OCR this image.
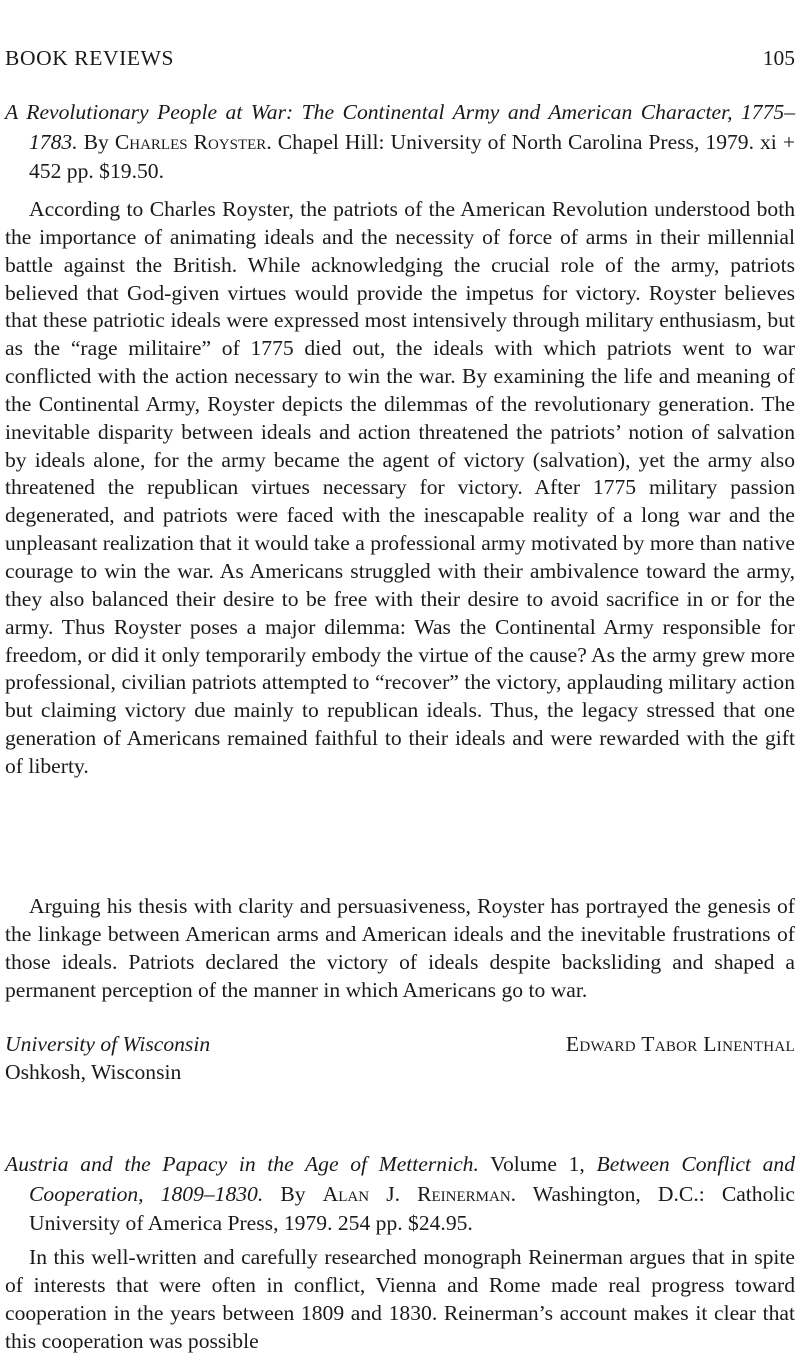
BOOK REVIEWS	105
A Revolutionary People at War: The Continental Army and American Character, 1775–1783. By Charles Royster. Chapel Hill: University of North Carolina Press, 1979. xi + 452 pp. $19.50.
According to Charles Royster, the patriots of the American Revolution understood both the importance of animating ideals and the necessity of force of arms in their millennial battle against the British. While acknowledging the crucial role of the army, patriots believed that God-given virtues would provide the impetus for victory. Royster believes that these patriotic ideals were expressed most intensively through military enthusiasm, but as the “rage militaire” of 1775 died out, the ideals with which patriots went to war conflicted with the action necessary to win the war. By examining the life and meaning of the Continental Army, Royster depicts the dilemmas of the revolutionary generation. The inevitable disparity between ideals and action threatened the patriots’ notion of salvation by ideals alone, for the army became the agent of victory (salvation), yet the army also threatened the republican virtues necessary for victory. After 1775 military passion degenerated, and patriots were faced with the inescapable reality of a long war and the unpleasant realization that it would take a professional army motivated by more than native courage to win the war. As Americans struggled with their ambivalence toward the army, they also balanced their desire to be free with their desire to avoid sacrifice in or for the army. Thus Royster poses a major dilemma: Was the Continental Army responsible for freedom, or did it only temporarily embody the virtue of the cause? As the army grew more professional, civilian patriots attempted to “recover” the victory, applauding military action but claiming victory due mainly to republican ideals. Thus, the legacy stressed that one generation of Americans remained faithful to their ideals and were rewarded with the gift of liberty.
Arguing his thesis with clarity and persuasiveness, Royster has portrayed the genesis of the linkage between American arms and American ideals and the inevitable frustrations of those ideals. Patriots declared the victory of ideals despite backsliding and shaped a permanent perception of the manner in which Americans go to war.
University of Wisconsin
Oshkosh, Wisconsin
Edward Tabor Linenthal
Austria and the Papacy in the Age of Metternich. Volume 1, Between Conflict and Cooperation, 1809–1830. By Alan J. Reinerman. Washington, D.C.: Catholic University of America Press, 1979. 254 pp. $24.95.
In this well-written and carefully researched monograph Reinerman argues that in spite of interests that were often in conflict, Vienna and Rome made real progress toward cooperation in the years between 1809 and 1830. Reinerman’s account makes it clear that this cooperation was possible
